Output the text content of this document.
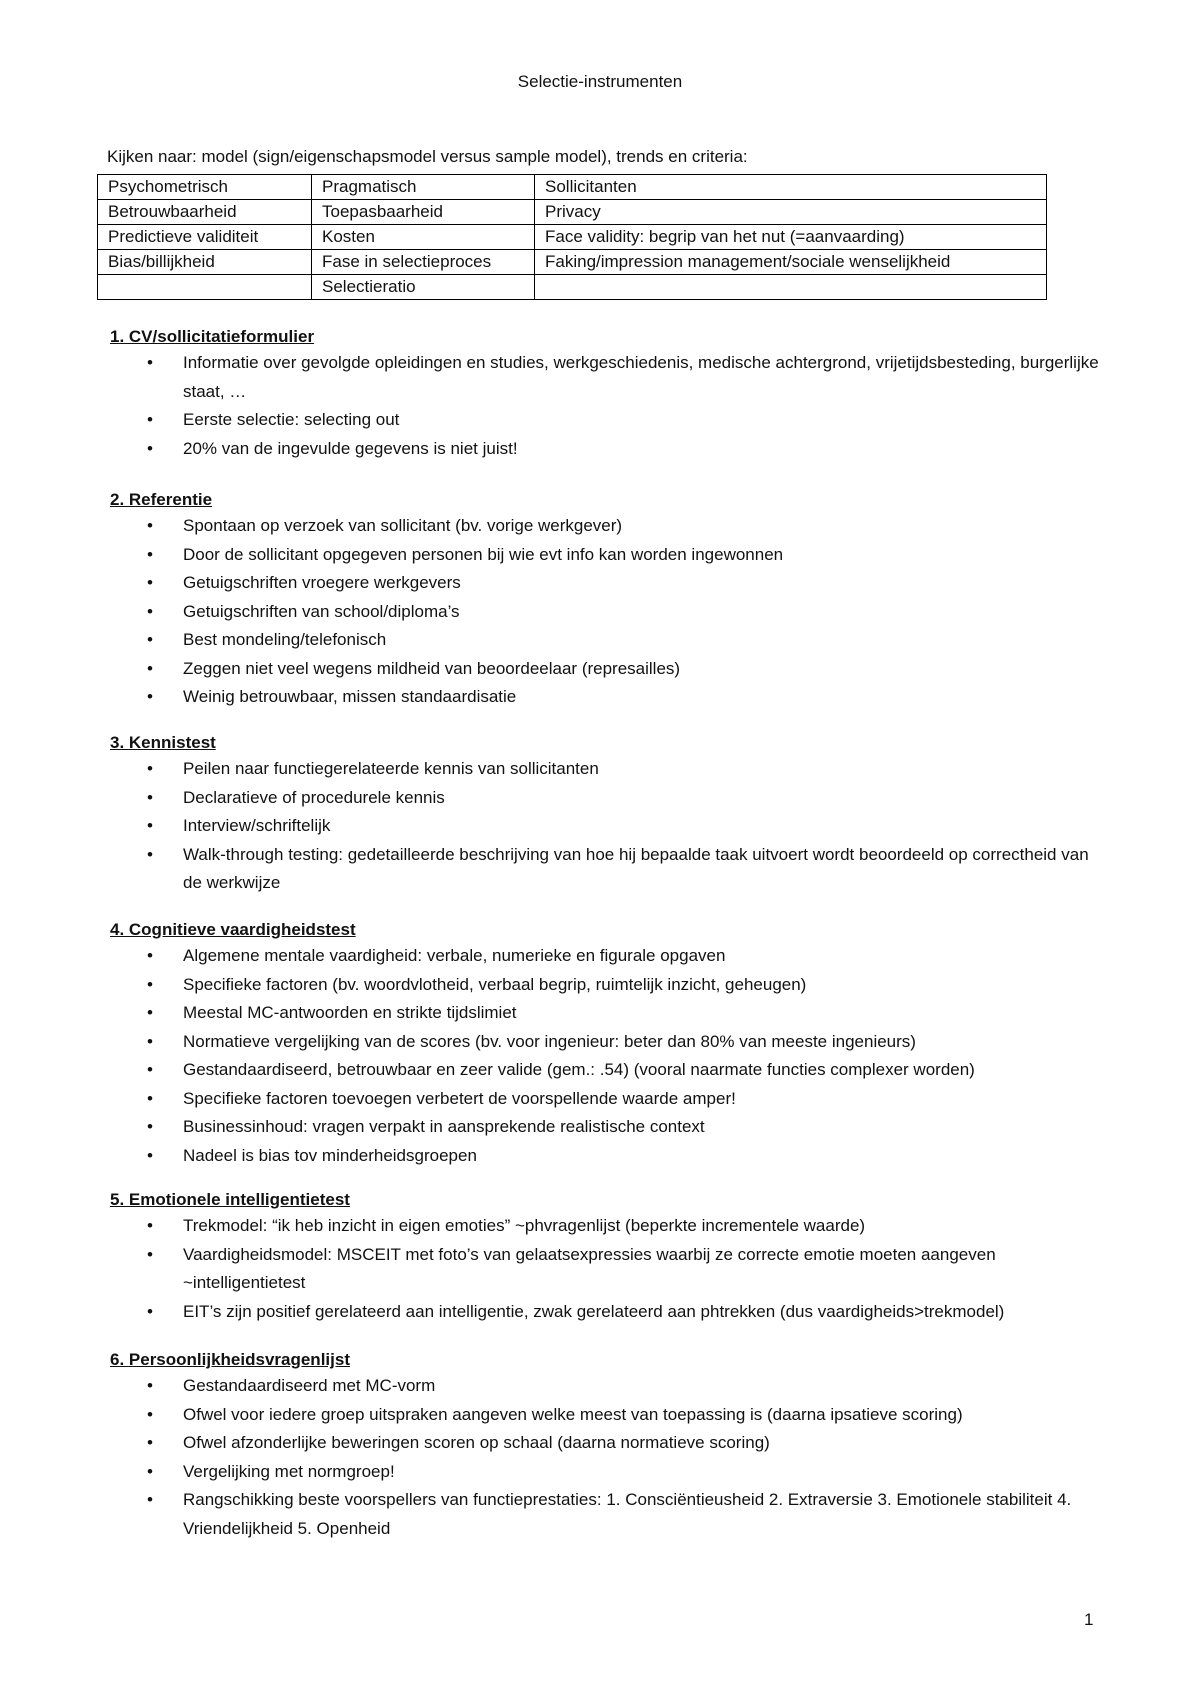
Selectie-instrumenten
Kijken naar: model (sign/eigenschapsmodel versus sample model), trends en criteria:
Psychometrisch	Pragmatisch	Sollicitanten
Betrouwbaarheid	Toepasbaarheid	Privacy
Predictieve validiteit	Kosten	Face validity: begrip van het nut (=aanvaarding)
Bias/billijkheid	Fase in selectieproces	Faking/impression management/sociale wenselijkheid
	Selectieratio	
1. CV/sollicitatieformulier
• Informatie over gevolgde opleidingen en studies, werkgeschiedenis, medische achtergrond, vrijetijdsbesteding, burgerlijke staat, …
• Eerste selectie: selecting out
• 20% van de ingevulde gegevens is niet juist!
2. Referentie
• Spontaan op verzoek van sollicitant (bv. vorige werkgever)
• Door de sollicitant opgegeven personen bij wie evt info kan worden ingewonnen
• Getuigschriften vroegere werkgevers
• Getuigschriften van school/diploma’s
• Best mondeling/telefonisch
• Zeggen niet veel wegens mildheid van beoordeelaar (represailles)
• Weinig betrouwbaar, missen standaardisatie
3. Kennistest
• Peilen naar functiegerelateerde kennis van sollicitanten
• Declaratieve of procedurele kennis
• Interview/schriftelijk
• Walk-through testing: gedetailleerde beschrijving van hoe hij bepaalde taak uitvoert wordt beoordeeld op correctheid van de werkwijze
4. Cognitieve vaardigheidstest
• Algemene mentale vaardigheid: verbale, numerieke en figurale opgaven
• Specifieke factoren (bv. woordvlotheid, verbaal begrip, ruimtelijk inzicht, geheugen)
• Meestal MC-antwoorden en strikte tijdslimiet
• Normatieve vergelijking van de scores (bv. voor ingenieur: beter dan 80% van meeste ingenieurs)
• Gestandaardiseerd, betrouwbaar en zeer valide (gem.: .54) (vooral naarmate functies complexer worden)
• Specifieke factoren toevoegen verbetert de voorspellende waarde amper!
• Businessinhoud: vragen verpakt in aansprekende realistische context
• Nadeel is bias tov minderheidsgroepen
5. Emotionele intelligentietest
• Trekmodel: “ik heb inzicht in eigen emoties” ~phvragenlijst (beperkte incrementele waarde)
• Vaardigheidsmodel: MSCEIT met foto’s van gelaatsexpressies waarbij ze correcte emotie moeten aangeven ~intelligentietest
• EIT’s zijn positief gerelateerd aan intelligentie, zwak gerelateerd aan phtrekken (dus vaardigheids>trekmodel)
6. Persoonlijkheidsvragenlijst
• Gestandaardiseerd met MC-vorm
• Ofwel voor iedere groep uitspraken aangeven welke meest van toepassing is (daarna ipsatieve scoring)
• Ofwel afzonderlijke beweringen scoren op schaal (daarna normatieve scoring)
• Vergelijking met normgroep!
• Rangschikking beste voorspellers van functieprestaties: 1. Consciëntieusheid 2. Extraversie 3. Emotionele stabiliteit 4. Vriendelijkheid 5. Openheid
1
